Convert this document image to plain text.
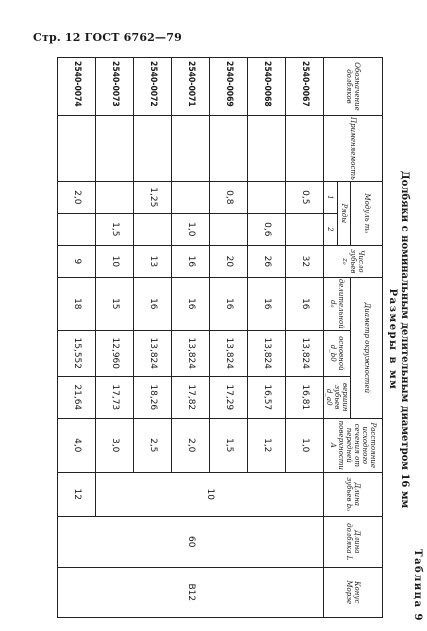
Стр. 12 ГОСТ 6762—79
Таблица 9
Долбяки с номинальным делительным диаметром 16 мм
Размеры в мм
Обозначение долбяков	Применяемость	Модуль m₀		Число зубьев z₀	Диаметр окружностей			Расстояние исходного сечения от передней поверхности A	Длина зубьев b₀	Длина долбяка L	Конус Морзе
		Ряды			делительной d₀	основной d_b0	вершин зубьев d_a0				
		1	2								
2540-0067		0,5		32	16	13,824	16,81	1,0	10	60	В12
2540-0068			0,6	26	16	13,824	16,57	1,2			
2540-0069		0,8		20	16	13,824	17,29	1,5			
2540-0071			1,0	16	16	13,824	17,82	2,0			
2540-0072		1,25		13	16	13,824	18,26	2,5			
2540-0073			1,5	10	15	12,960	17,73	3,0			
2540-0074		2,0		9	18	15,552	21,64	4,0	12		
